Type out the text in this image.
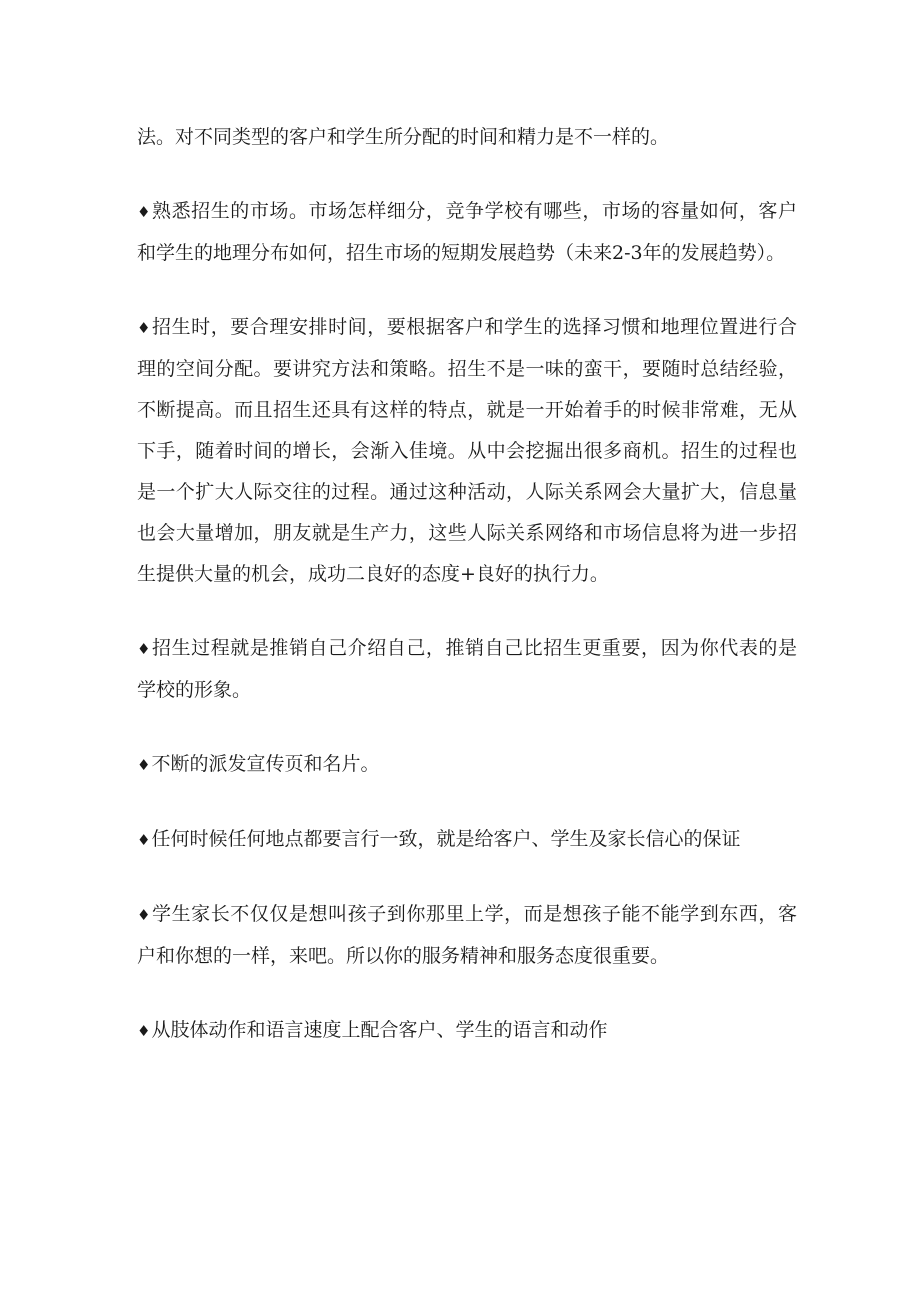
法。对不同类型的客户和学生所分配的时间和精力是不一样的。

♦熟悉招生的市场。市场怎样细分，竞争学校有哪些，市场的容量如何，客户和学生的地理分布如何，招生市场的短期发展趋势（未来2-3年的发展趋势）。

♦招生时，要合理安排时间，要根据客户和学生的选择习惯和地理位置进行合理的空间分配。要讲究方法和策略。招生不是一味的蛮干，要随时总结经验，不断提高。而且招生还具有这样的特点，就是一开始着手的时候非常难，无从下手，随着时间的增长，会渐入佳境。从中会挖掘出很多商机。招生的过程也是一个扩大人际交往的过程。通过这种活动，人际关系网会大量扩大，信息量也会大量增加，朋友就是生产力，这些人际关系网络和市场信息将为进一步招生提供大量的机会，成功二良好的态度+良好的执行力。

♦招生过程就是推销自己介绍自己，推销自己比招生更重要，因为你代表的是学校的形象。

♦不断的派发宣传页和名片。

♦任何时候任何地点都要言行一致，就是给客户、学生及家长信心的保证

♦学生家长不仅仅是想叫孩子到你那里上学，而是想孩子能不能学到东西，客户和你想的一样，来吧。所以你的服务精神和服务态度很重要。

♦从肢体动作和语言速度上配合客户、学生的语言和动作
